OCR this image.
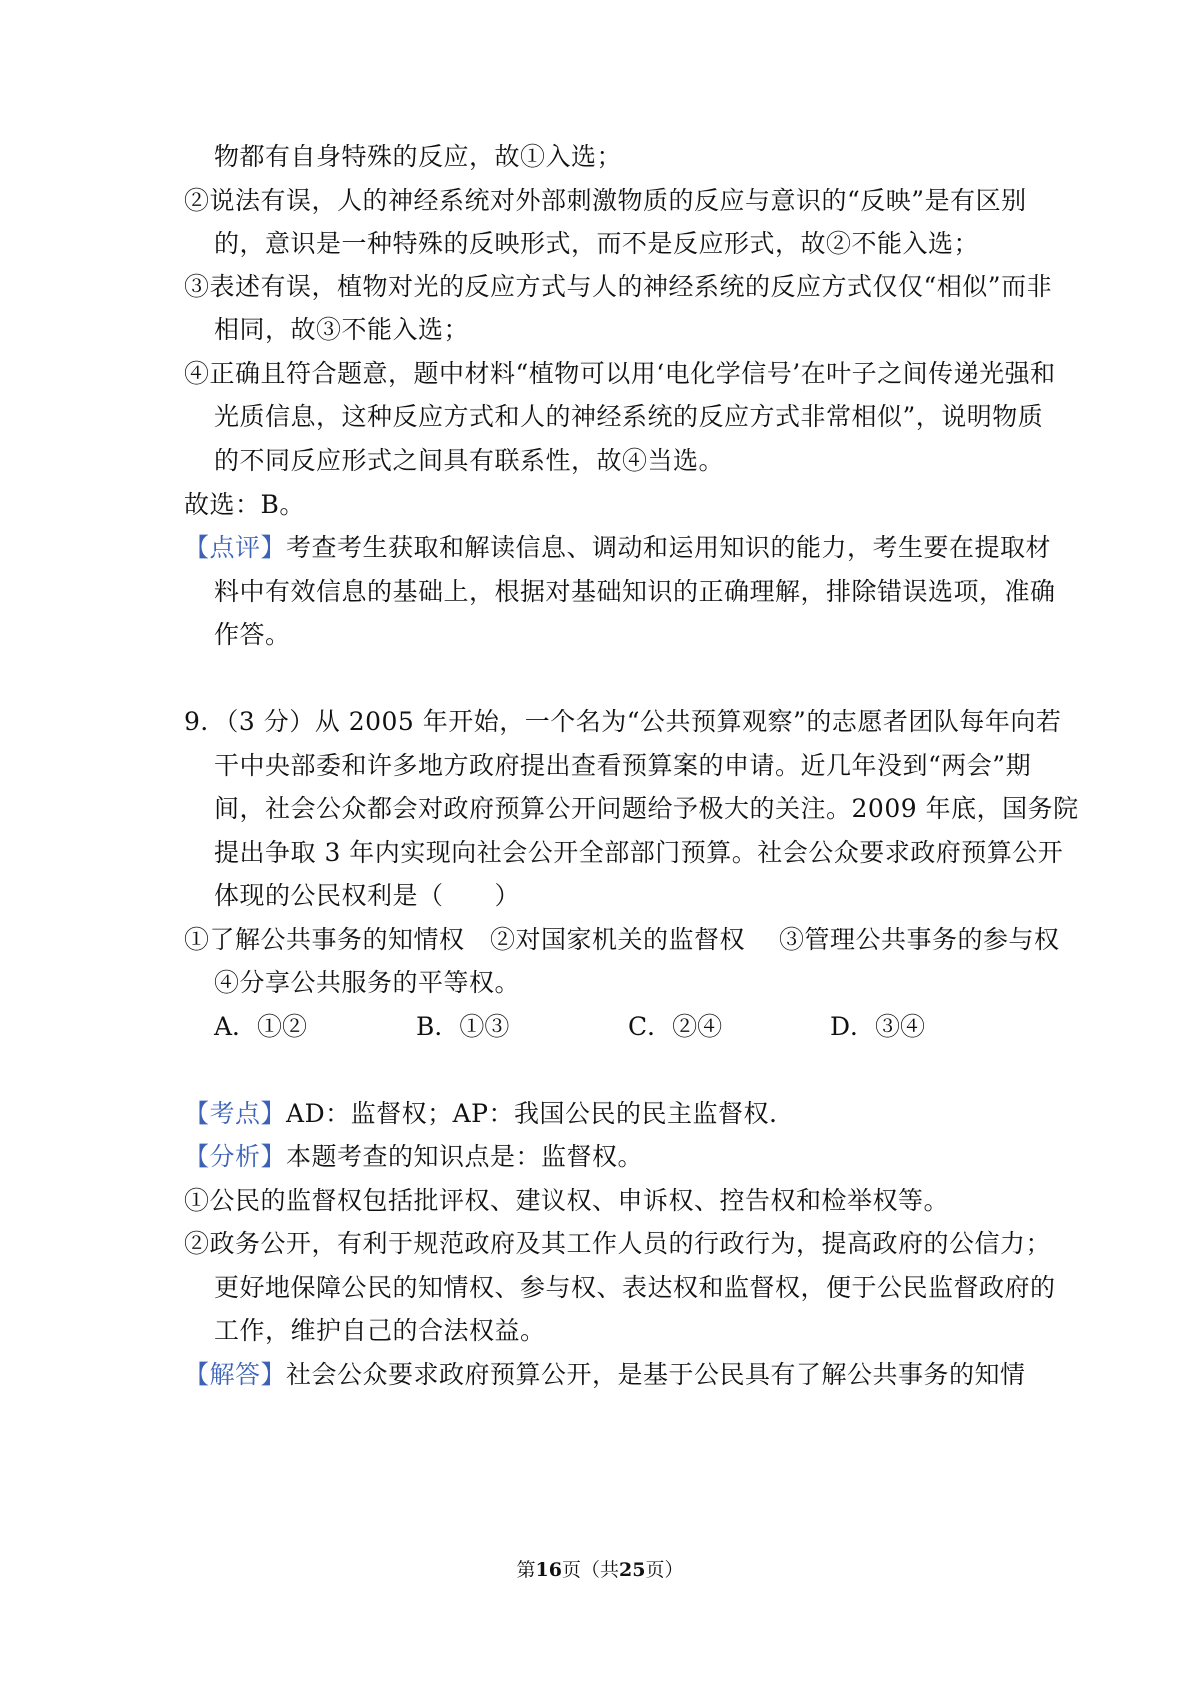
物都有自身特殊的反应，故①入选；
②说法有误，人的神经系统对外部刺激物质的反应与意识的“反映”是有区别
的，意识是一种特殊的反映形式，而不是反应形式，故②不能入选；
③表述有误，植物对光的反应方式与人的神经系统的反应方式仅仅“相似”而非
相同，故③不能入选；
④正确且符合题意，题中材料“植物可以用‘电化学信号’在叶子之间传递光强和
光质信息，这种反应方式和人的神经系统的反应方式非常相似”，说明物质
的不同反应形式之间具有联系性，故④当选。
故选：B。
【点评】考查考生获取和解读信息、调动和运用知识的能力，考生要在提取材
料中有效信息的基础上，根据对基础知识的正确理解，排除错误选项，准确
作答。
9．（3 分）从 2005 年开始，一个名为“公共预算观察”的志愿者团队每年向若
干中央部委和许多地方政府提出查看预算案的申请。近几年没到“两会”期
间，社会公众都会对政府预算公开问题给予极大的关注。2009 年底，国务院
提出争取 3 年内实现向社会公开全部部门预算。社会公众要求政府预算公开
体现的公民权利是（　　）
①了解公共事务的知情权　②对国家机关的监督权　 ③管理公共事务的参与权
④分享公共服务的平等权。
A．①②	B．①③	C．②④	D．③④
【考点】AD：监督权；AP：我国公民的民主监督权.
【分析】本题考查的知识点是：监督权。
①公民的监督权包括批评权、建议权、申诉权、控告权和检举权等。
②政务公开，有利于规范政府及其工作人员的行政行为，提高政府的公信力；
更好地保障公民的知情权、参与权、表达权和监督权，便于公民监督政府的
工作，维护自己的合法权益。
【解答】社会公众要求政府预算公开，是基于公民具有了解公共事务的知情
第16页（共25页）
